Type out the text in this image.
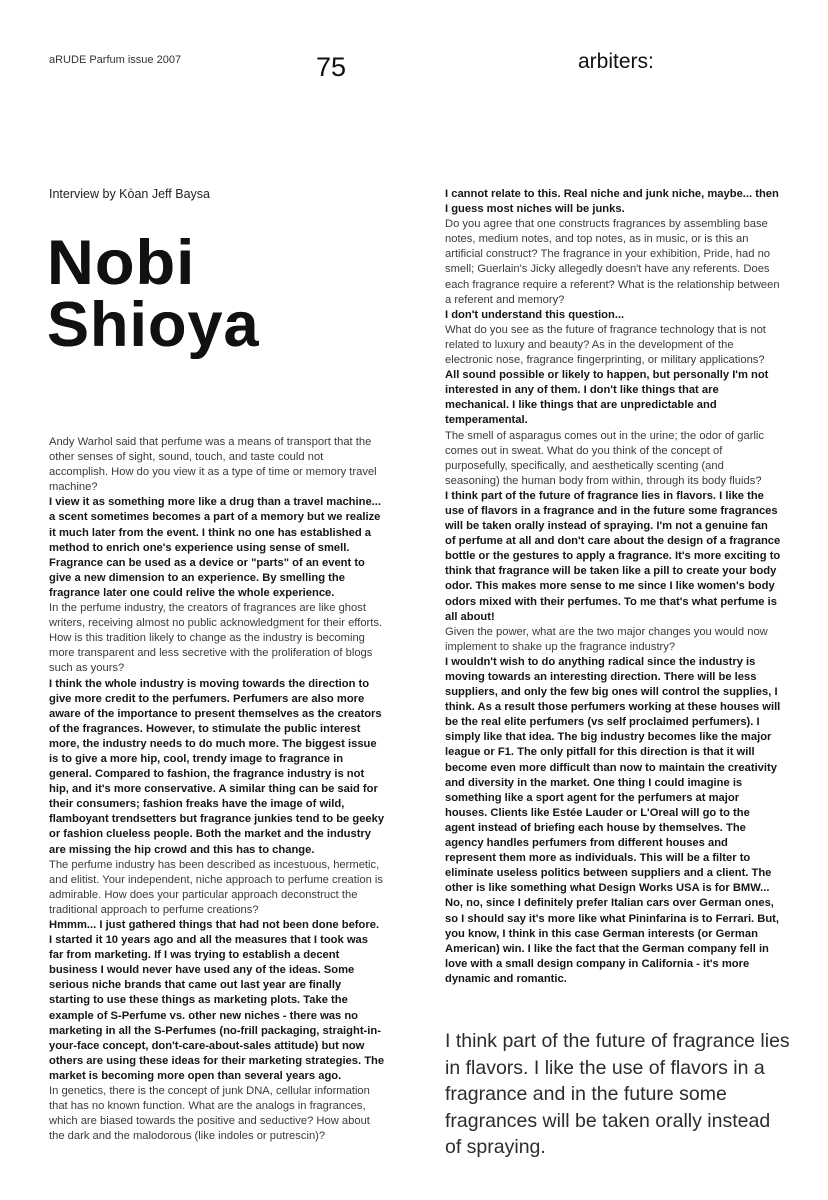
aRUDE Parfum issue 2007	75	arbiters:
Interview by Kòan Jeff Baysa
Nobi
Shioya

Andy Warhol said that perfume was a means of transport that the other senses of sight, sound, touch, and taste could not accomplish. How do you view it as a type of time or memory travel machine?

I view it as something more like a drug than a travel machine... a scent sometimes becomes a part of a memory but we realize it much later from the event. I think no one has established a method to enrich one's experience using sense of smell. Fragrance can be used as a device or "parts" of an event to give a new dimension to an experience. By smelling the fragrance later one could relive the whole experience.

In the perfume industry, the creators of fragrances are like ghost writers, receiving almost no public acknowledgment for their efforts. How is this tradition likely to change as the industry is becoming more transparent and less secretive with the proliferation of blogs such as yours?

I think the whole industry is moving towards the direction to give more credit to the perfumers. Perfumers are also more aware of the importance to present themselves as the creators of the fragrances. However, to stimulate the public interest more, the industry needs to do much more. The biggest issue is to give a more hip, cool, trendy image to fragrance in general. Compared to fashion, the fragrance industry is not hip, and it's more conservative. A similar thing can be said for their consumers; fashion freaks have the image of wild, flamboyant trendsetters but fragrance junkies tend to be geeky or fashion clueless people. Both the market and the industry are missing the hip crowd and this has to change.

The perfume industry has been described as incestuous, hermetic, and elitist. Your independent, niche approach to perfume creation is admirable. How does your particular approach deconstruct the traditional approach to perfume creations?

Hmmm... I just gathered things that had not been done before. I started it 10 years ago and all the measures that I took was far from marketing. If I was trying to establish a decent business I would never have used any of the ideas. Some serious niche brands that came out last year are finally starting to use these things as marketing plots. Take the example of S-Perfume vs. other new niches - there was no marketing in all the S-Perfumes (no-frill packaging, straight-in-your-face concept, don't-care-about-sales attitude) but now others are using these ideas for their marketing strategies. The market is becoming more open than several years ago.

In genetics, there is the concept of junk DNA, cellular information that has no known function. What are the analogs in fragrances, which are biased towards the positive and seductive? How about the dark and the malodorous (like indoles or putrescin)?

I cannot relate to this. Real niche and junk niche, maybe... then I guess most niches will be junks.

Do you agree that one constructs fragrances by assembling base notes, medium notes, and top notes, as in music, or is this an artificial construct? The fragrance in your exhibition, Pride, had no smell; Guerlain's Jicky allegedly doesn't have any referents. Does each fragrance require a referent? What is the relationship between a referent and memory?

I don't understand this question...

What do you see as the future of fragrance technology that is not related to luxury and beauty? As in the development of the electronic nose, fragrance fingerprinting, or military applications?

All sound possible or likely to happen, but personally I'm not interested in any of them. I don't like things that are mechanical. I like things that are unpredictable and temperamental.

The smell of asparagus comes out in the urine; the odor of garlic comes out in sweat. What do you think of the concept of purposefully, specifically, and aesthetically scenting (and seasoning) the human body from within, through its body fluids?

I think part of the future of fragrance lies in flavors. I like the use of flavors in a fragrance and in the future some fragrances will be taken orally instead of spraying. I'm not a genuine fan of perfume at all and don't care about the design of a fragrance bottle or the gestures to apply a fragrance. It's more exciting to think that fragrance will be taken like a pill to create your body odor. This makes more sense to me since I like women's body odors mixed with their perfumes. To me that's what perfume is all about!

Given the power, what are the two major changes you would now implement to shake up the fragrance industry?

I wouldn't wish to do anything radical since the industry is moving towards an interesting direction. There will be less suppliers, and only the few big ones will control the supplies, I think. As a result those perfumers working at these houses will be the real elite perfumers (vs self proclaimed perfumers). I simply like that idea. The big industry becomes like the major league or F1. The only pitfall for this direction is that it will become even more difficult than now to maintain the creativity and diversity in the market. One thing I could imagine is something like a sport agent for the perfumers at major houses. Clients like Estée Lauder or L'Oreal will go to the agent instead of briefing each house by themselves. The agency handles perfumers from different houses and represent them more as individuals. This will be a filter to eliminate useless politics between suppliers and a client. The other is like something what Design Works USA is for BMW... No, no, since I definitely prefer Italian cars over German ones, so I should say it's more like what Pininfarina is to Ferrari. But, you know, I think in this case German interests (or German American) win. I like the fact that the German company fell in love with a small design company in California - it's more dynamic and romantic.

I think part of the future of fragrance lies in flavors. I like the use of flavors in a fragrance and in the future some fragrances will be taken orally instead of spraying.
